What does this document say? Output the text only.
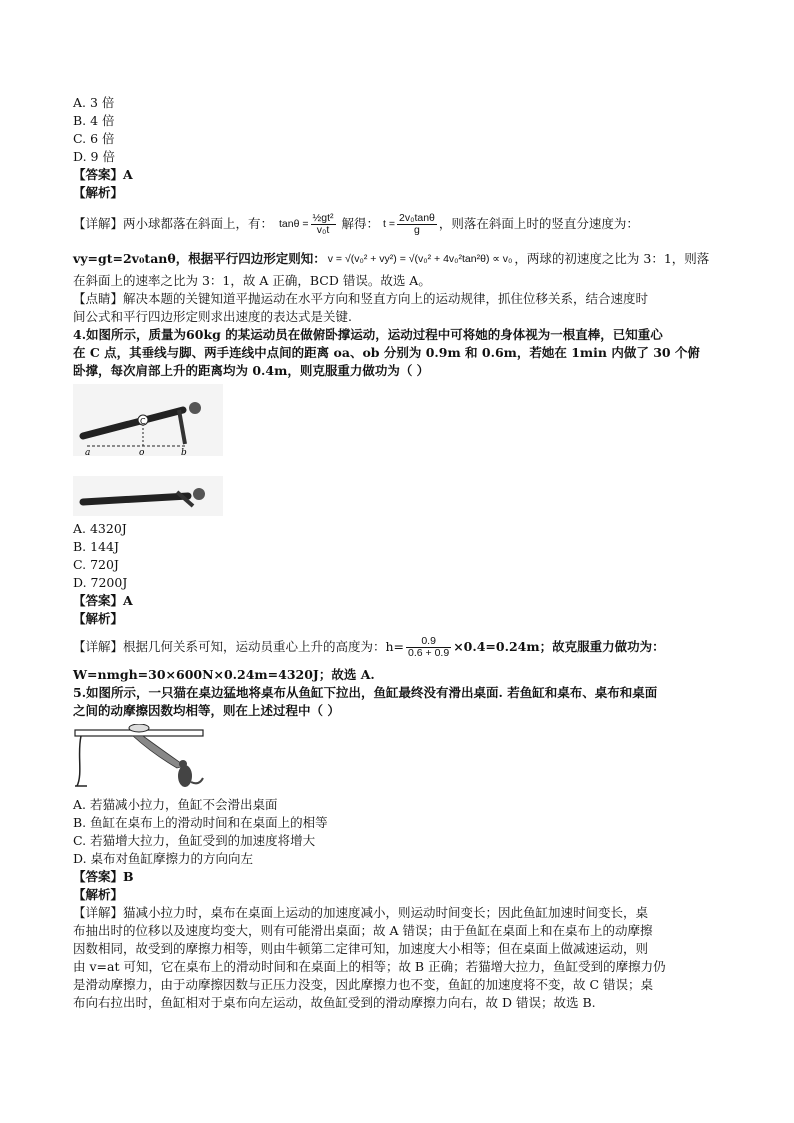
A. 3 倍

B. 4 倍

C. 6 倍

D. 9 倍

【答案】A

【解析】

【详解】两小球都落在斜面上，有： $\tan\theta = \frac{\text{½gt²}}{\text{v₀t}}$ 解得： $t = \frac{\text{2v₀tanθ}}{g}$ ，则落在斜面上时的竖直分速度为：
vy=gt=2v₀tanθ，根据平行四边形定则知： v = √(v₀² + vy²) = √(v₀² + 4v₀²tan²θ) ∝ v₀ ，两球的初速度之比为 3：1，则落

在斜面上的速率之比为 3：1，故 A 正确，BCD 错误。故选 A。

【点睛】解决本题的关键知道平抛运动在水平方向和竖直方向上的运动规律，抓住位移关系，结合速度时

间公式和平行四边形定则求出速度的表达式是关键.

4.如图所示，质量为60kg 的某运动员在做俯卧撑运动，运动过程中可将她的身体视为一根直棒，已知重心

在 C 点，其垂线与脚、两手连线中点间的距离 oa、ob 分别为 0.9m 和 0.6m，若她在 1min 内做了 30 个俯

卧撑，每次肩部上升的距离均为 0.4m，则克服重力做功为（ ）

C
a	o	b

A. 4320J

B. 144J

C. 720J

D. 7200J

【答案】A

【解析】

【详解】根据几何关系可知，运动员重心上升的高度为：$h= \frac{0.9}{0.6 + 0.9} \times 0.4=0.24m$；故克服重力做功为：

W=nmgh=30×600N×0.24m=4320J；故选 A.

5.如图所示，一只猫在桌边猛地将桌布从鱼缸下拉出，鱼缸最终没有滑出桌面. 若鱼缸和桌布、桌布和桌面

之间的动摩擦因数均相等，则在上述过程中（ ）

A. 若猫减小拉力，鱼缸不会滑出桌面

B. 鱼缸在桌布上的滑动时间和在桌面上的相等

C. 若猫增大拉力，鱼缸受到的加速度将增大

D. 桌布对鱼缸摩擦力的方向向左

【答案】B

【解析】

【详解】猫减小拉力时，桌布在桌面上运动的加速度减小，则运动时间变长；因此鱼缸加速时间变长，桌

布抽出时的位移以及速度均变大，则有可能滑出桌面；故 A 错误；由于鱼缸在桌面上和在桌布上的动摩擦

因数相同，故受到的摩擦力相等，则由牛顿第二定律可知，加速度大小相等；但在桌面上做减速运动，则

由 v=at 可知，它在桌布上的滑动时间和在桌面上的相等；故 B 正确；若猫增大拉力，鱼缸受到的摩擦力仍

是滑动摩擦力，由于动摩擦因数与正压力没变，因此摩擦力也不变，鱼缸的加速度将不变，故 C 错误；桌

布向右拉出时，鱼缸相对于桌布向左运动，故鱼缸受到的滑动摩擦力向右，故 D 错误；故选 B.
